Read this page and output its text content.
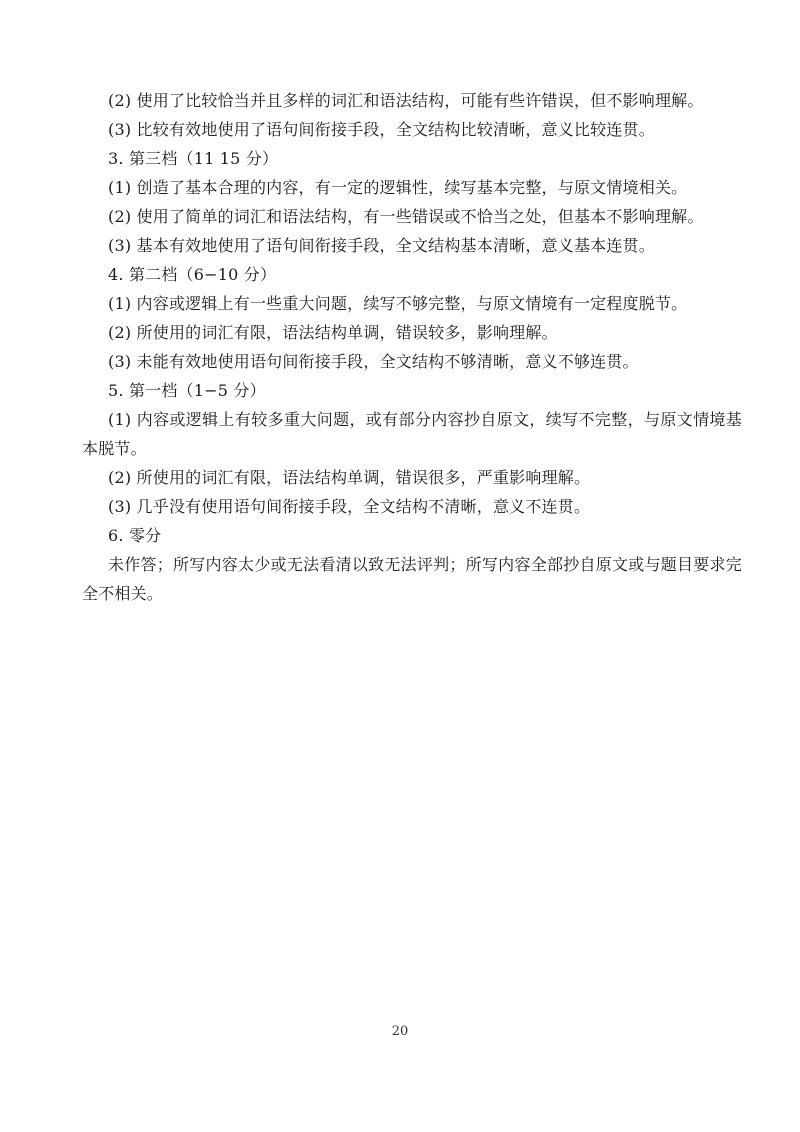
(2) 使用了比较恰当并且多样的词汇和语法结构，可能有些许错误，但不影响理解。
(3) 比较有效地使用了语句间衔接手段，全文结构比较清晰，意义比较连贯。
3. 第三档（11 15 分）
(1) 创造了基本合理的内容，有一定的逻辑性，续写基本完整，与原文情境相关。
(2) 使用了简单的词汇和语法结构，有一些错误或不恰当之处，但基本不影响理解。
(3) 基本有效地使用了语句间衔接手段，全文结构基本清晰，意义基本连贯。
4. 第二档（6−10 分）
(1) 内容或逻辑上有一些重大问题，续写不够完整，与原文情境有一定程度脱节。
(2) 所使用的词汇有限，语法结构单调，错误较多，影响理解。
(3) 未能有效地使用语句间衔接手段，全文结构不够清晰，意义不够连贯。
5. 第一档（1−5 分）
(1) 内容或逻辑上有较多重大问题，或有部分内容抄自原文，续写不完整，与原文情境基本脱节。
(2) 所使用的词汇有限，语法结构单调，错误很多，严重影响理解。
(3) 几乎没有使用语句间衔接手段，全文结构不清晰，意义不连贯。
6. 零分
未作答；所写内容太少或无法看清以致无法评判；所写内容全部抄自原文或与题目要求完全不相关。
20
